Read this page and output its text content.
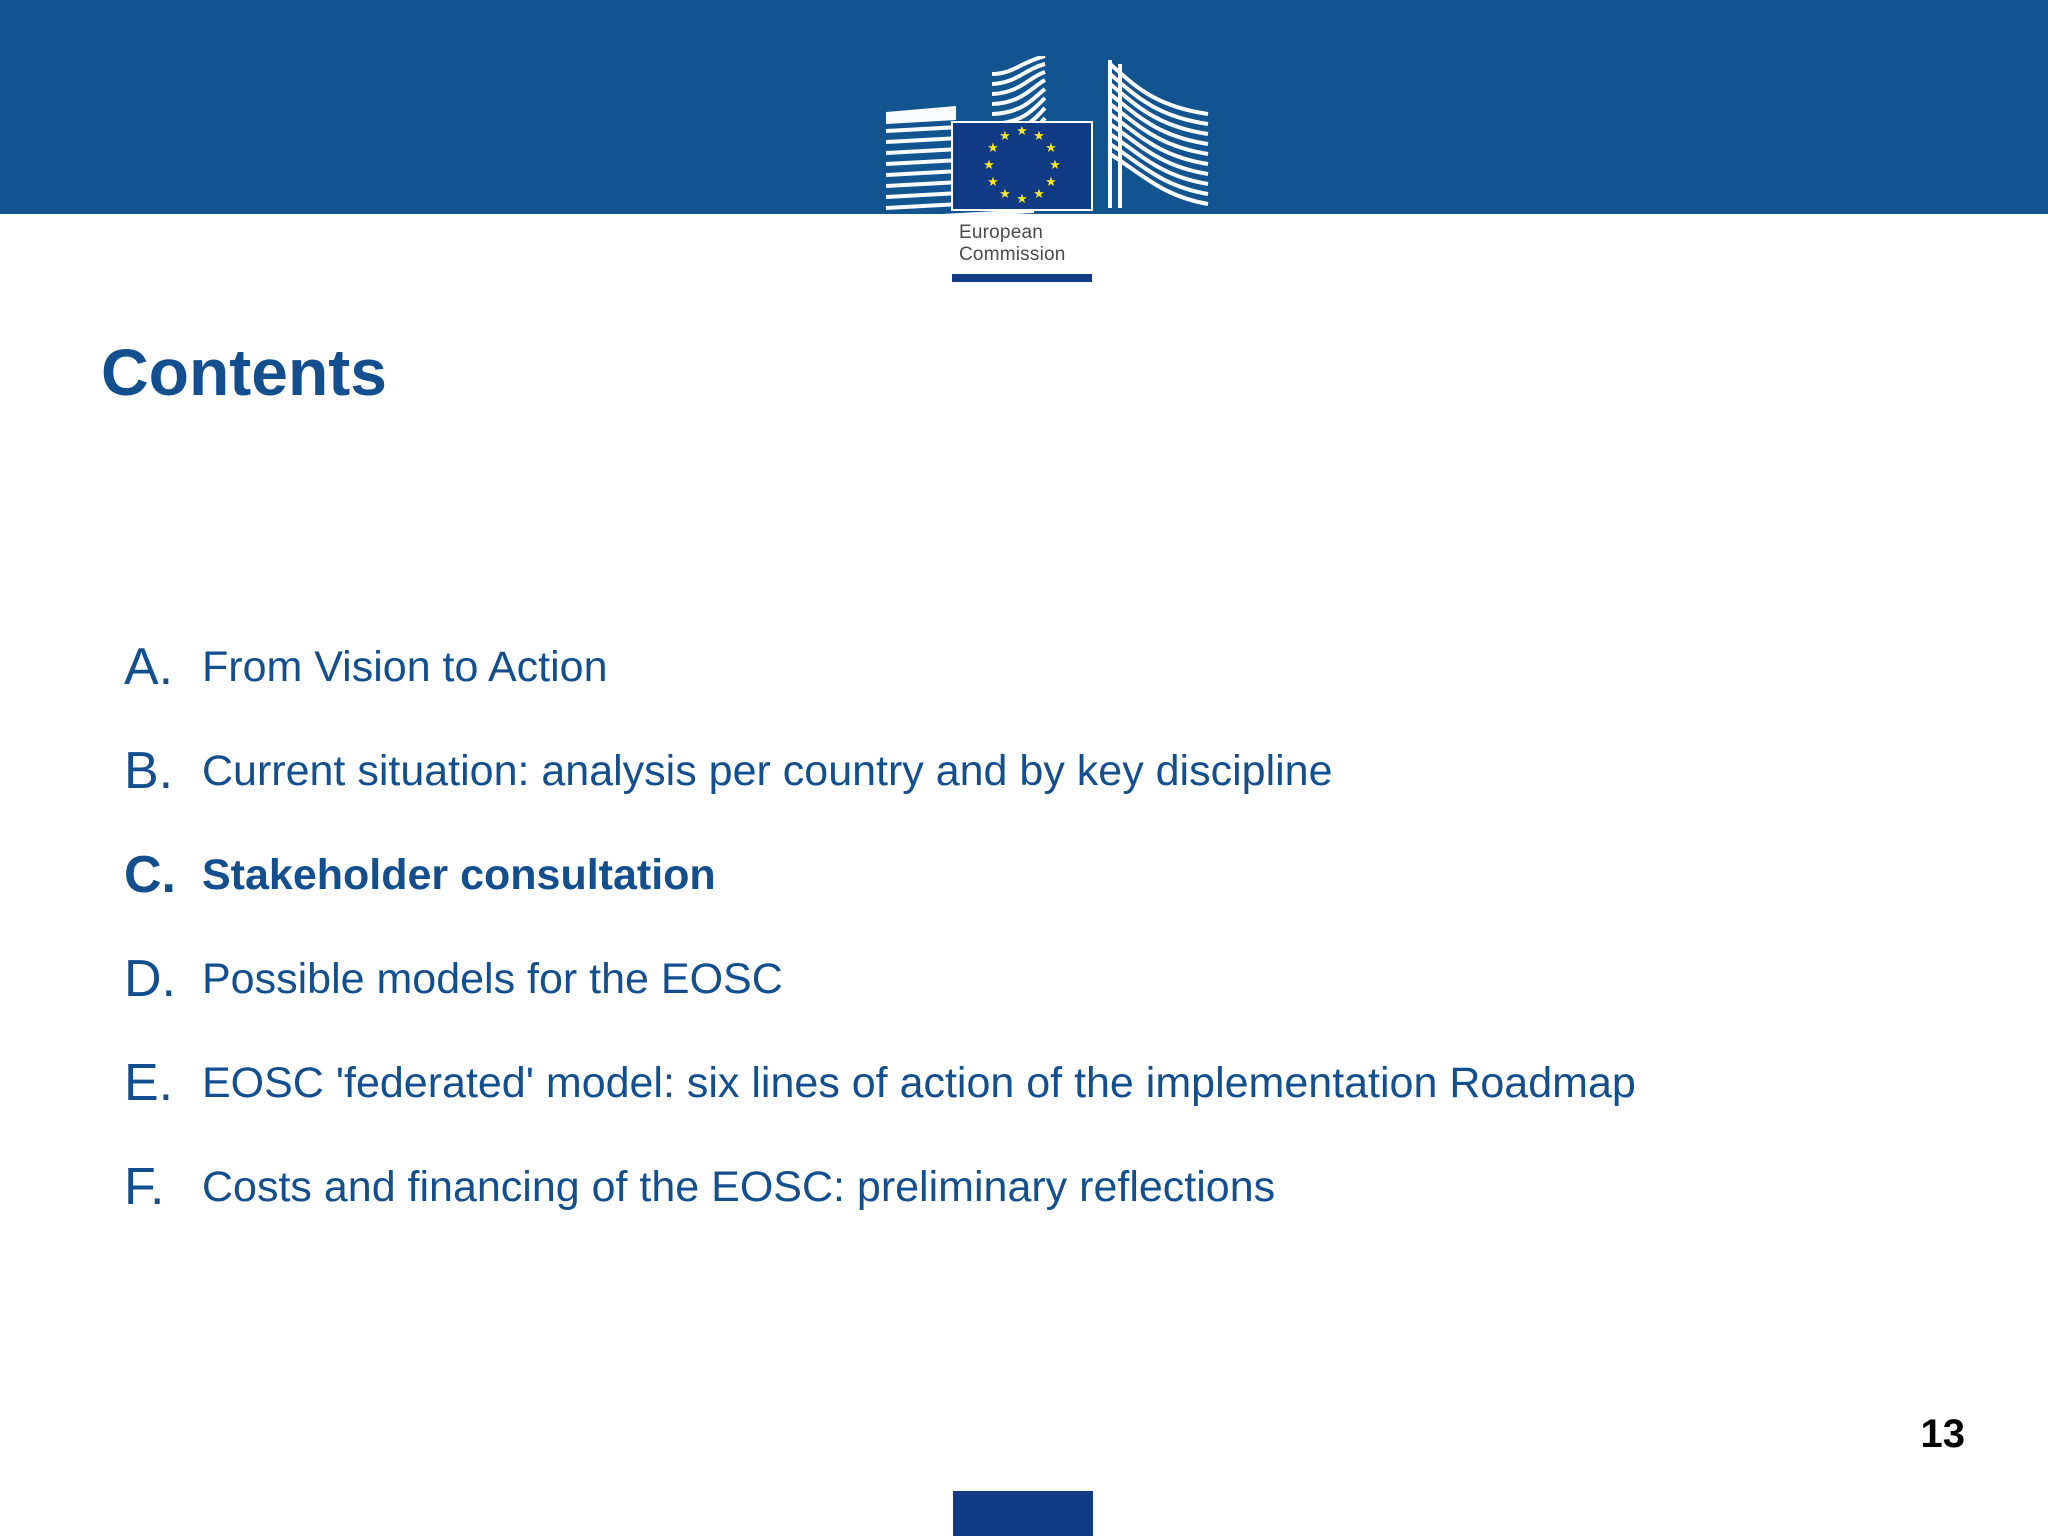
★ ★
★
★
★
★
★
★
★
★
★
★
European
Commission
Contents
A. From Vision to Action
B. Current situation: analysis per country and by key discipline
C. Stakeholder consultation
D. Possible models for the EOSC
E. EOSC 'federated' model: six lines of action of the implementation Roadmap
F. Costs and financing of the EOSC: preliminary reflections
13
